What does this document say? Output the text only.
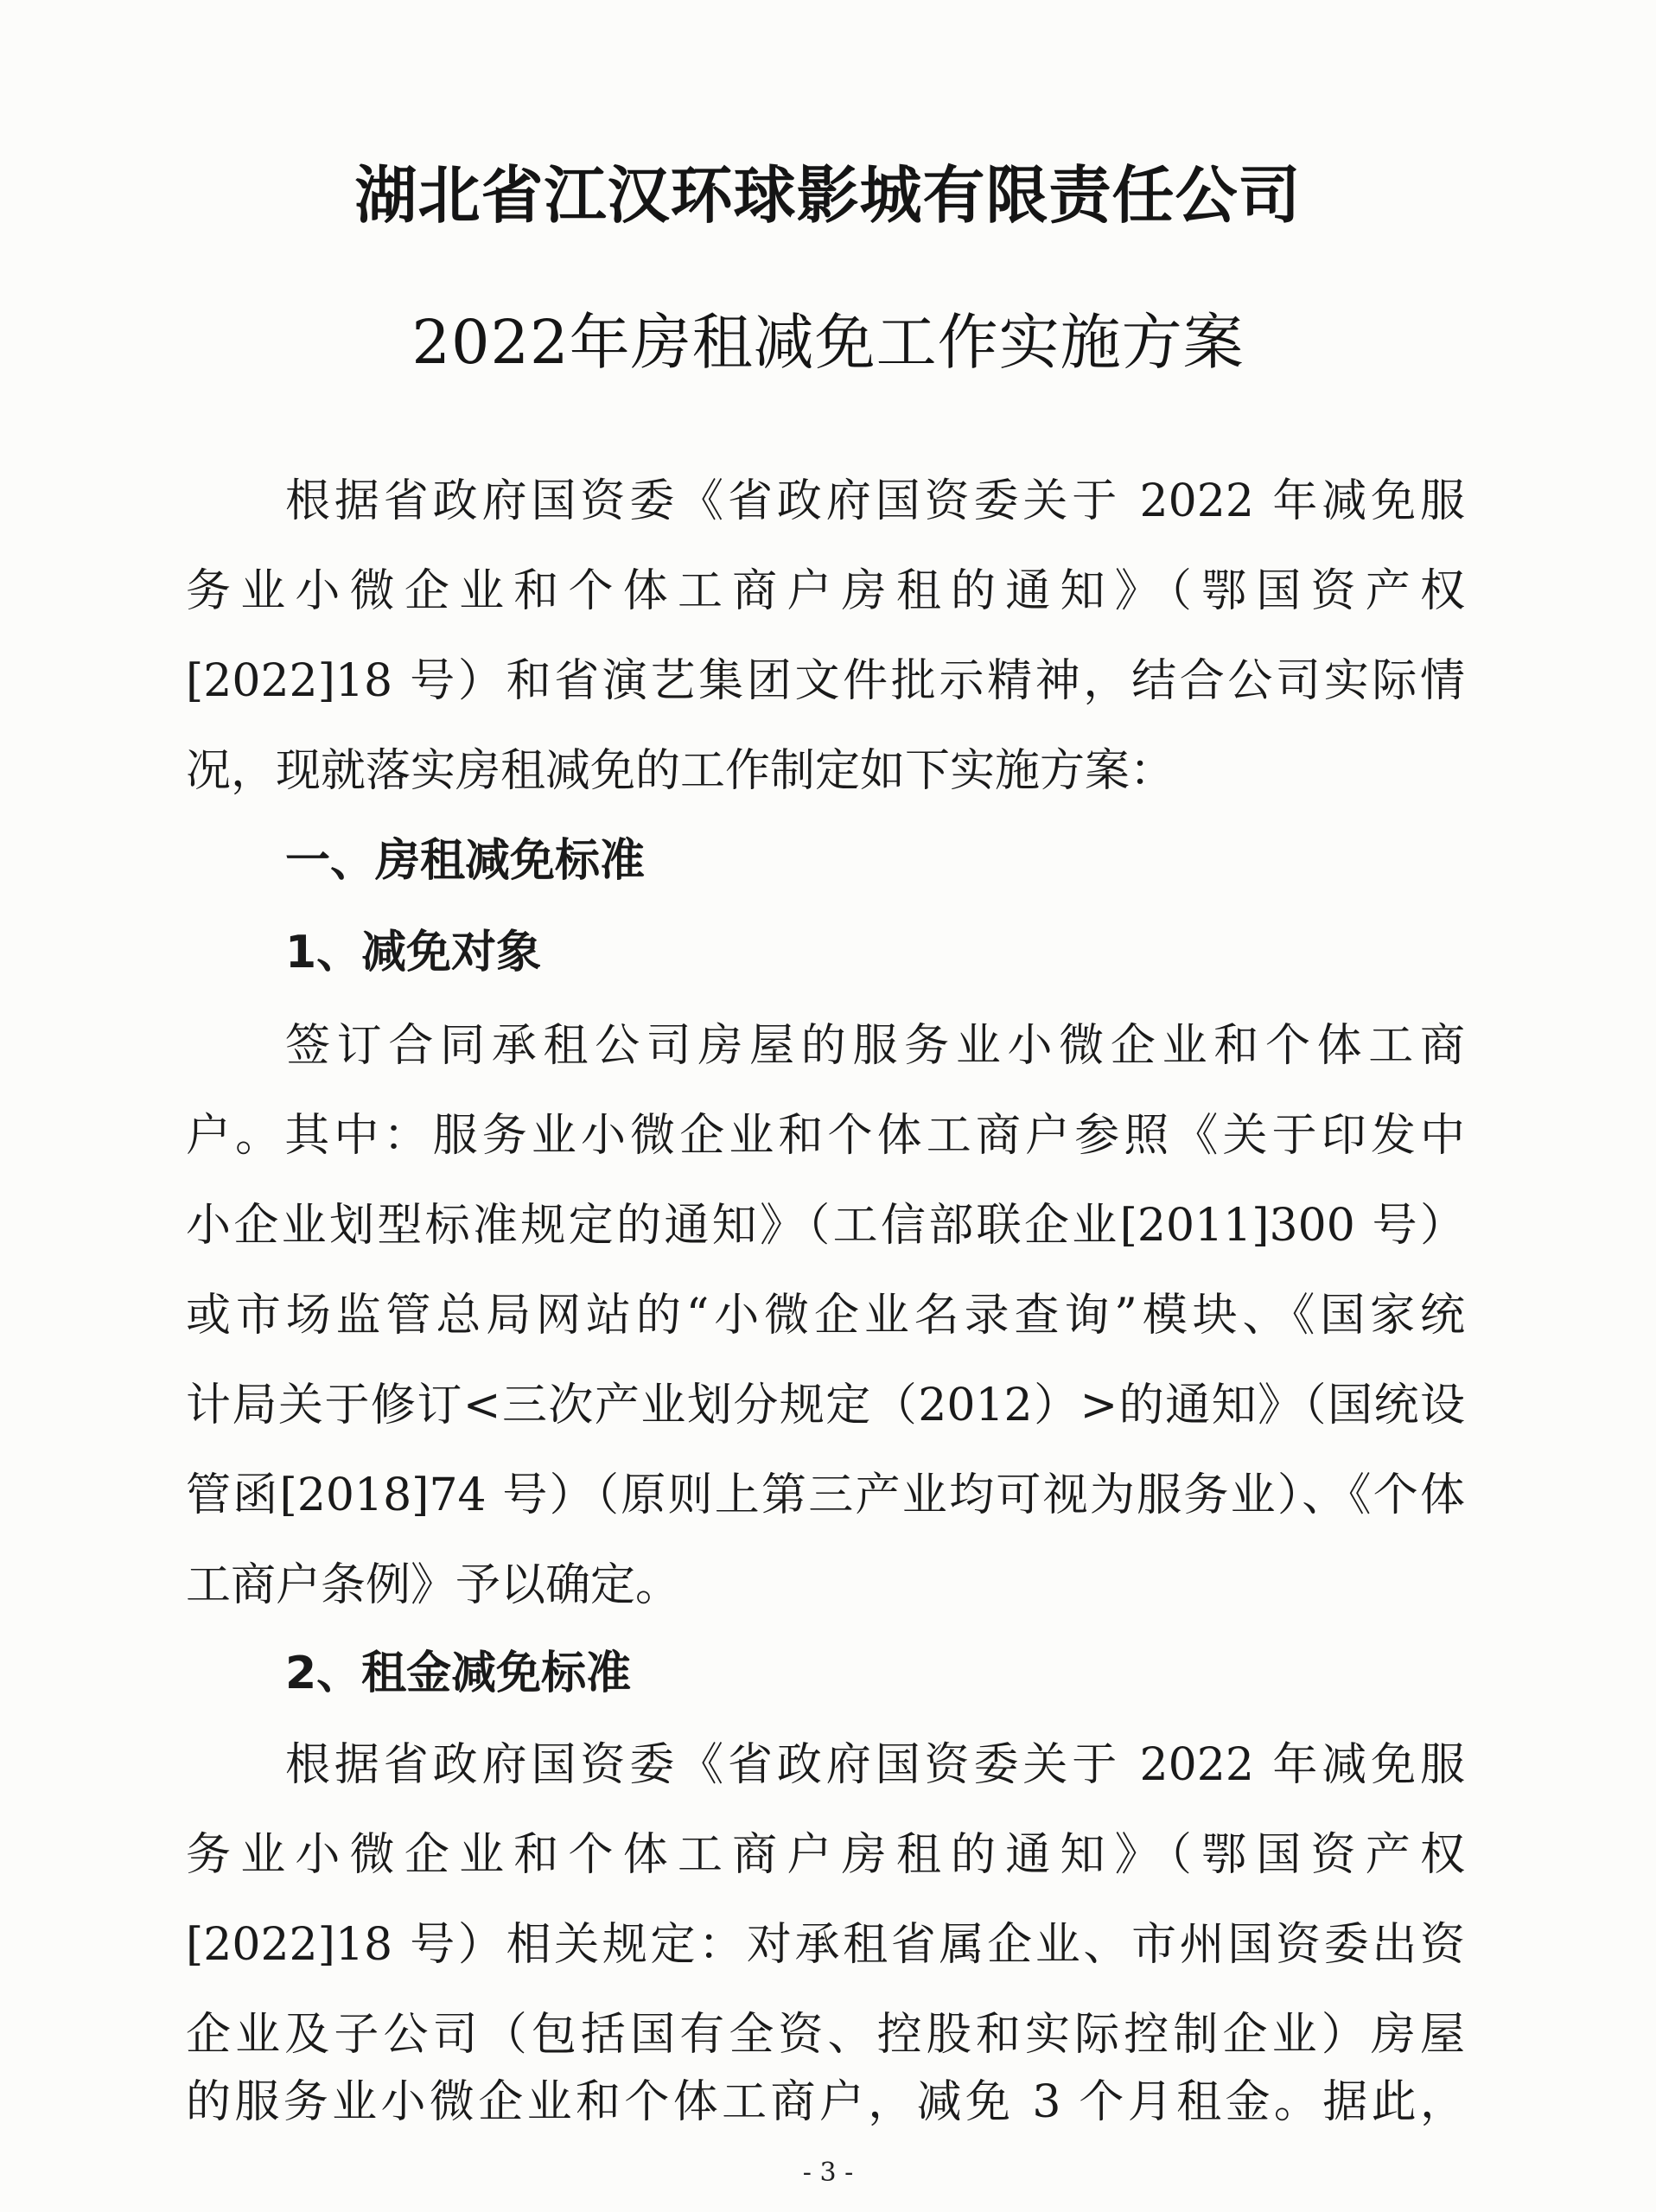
湖北省江汉环球影城有限责任公司
2022年房租减免工作实施方案
根据省政府国资委《省政府国资委关于 2022 年减免服
务业小微企业和个体工商户房租的通知》（鄂国资产权
[2022]18 号）和省演艺集团文件批示精神，结合公司实际情
况，现就落实房租减免的工作制定如下实施方案：
一、房租减免标准
1、减免对象
签订合同承租公司房屋的服务业小微企业和个体工商
户。其中：服务业小微企业和个体工商户参照《关于印发中
小企业划型标准规定的通知》（工信部联企业[2011]300 号）
或市场监管总局网站的“小微企业名录查询”模块、《国家统
计局关于修订<三次产业划分规定（2012）>的通知》（国统设
管函[2018]74 号）（原则上第三产业均可视为服务业）、《个体
工商户条例》予以确定。
2、租金减免标准
根据省政府国资委《省政府国资委关于 2022 年减免服
务业小微企业和个体工商户房租的通知》（鄂国资产权
[2022]18 号）相关规定：对承租省属企业、市州国资委出资
企业及子公司（包括国有全资、控股和实际控制企业）房屋
的服务业小微企业和个体工商户，减免 3 个月租金。据此，
- 3 -
